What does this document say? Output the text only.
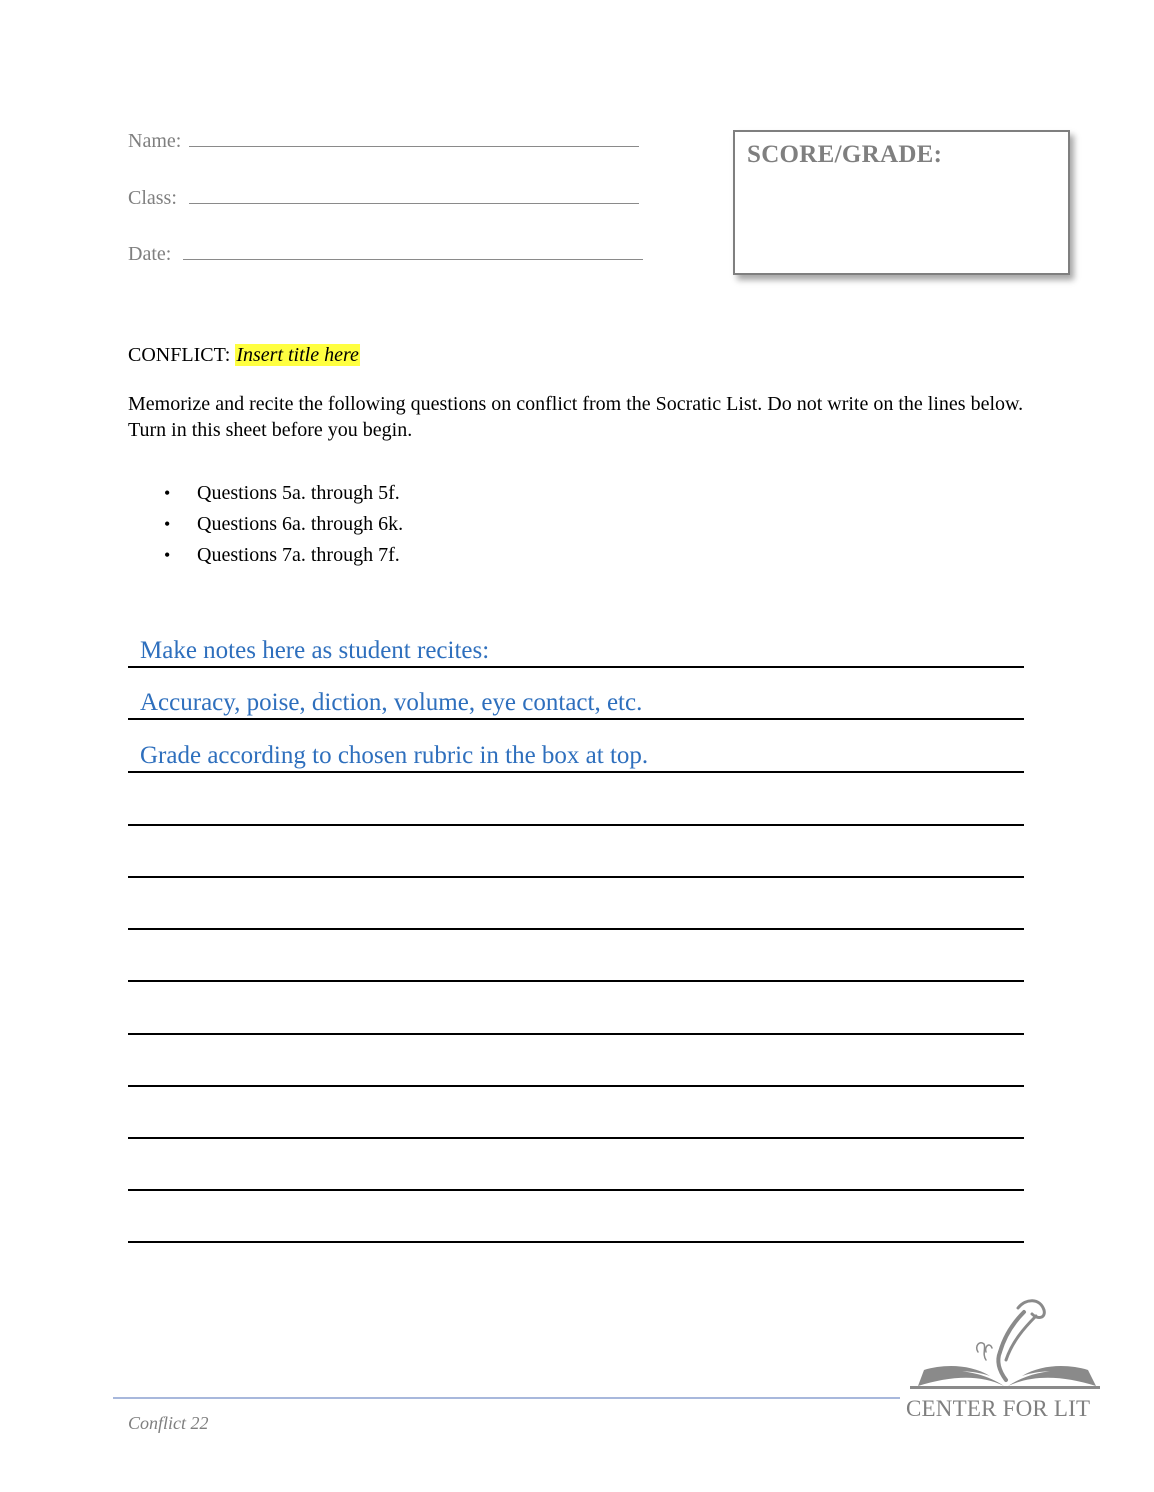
Name:
Class:
Date:
SCORE/GRADE:
CONFLICT: Insert title here
Memorize and recite the following questions on conflict from the Socratic List. Do not write on the lines below. Turn in this sheet before you begin.
•	Questions 5a. through 5f.
•	Questions 6a. through 6k.
•	Questions 7a. through 7f.
Make notes here as student recites:
Accuracy, poise, diction, volume, eye contact, etc.
Grade according to chosen rubric in the box at top.
Conflict 22
CENTER FOR LIT
